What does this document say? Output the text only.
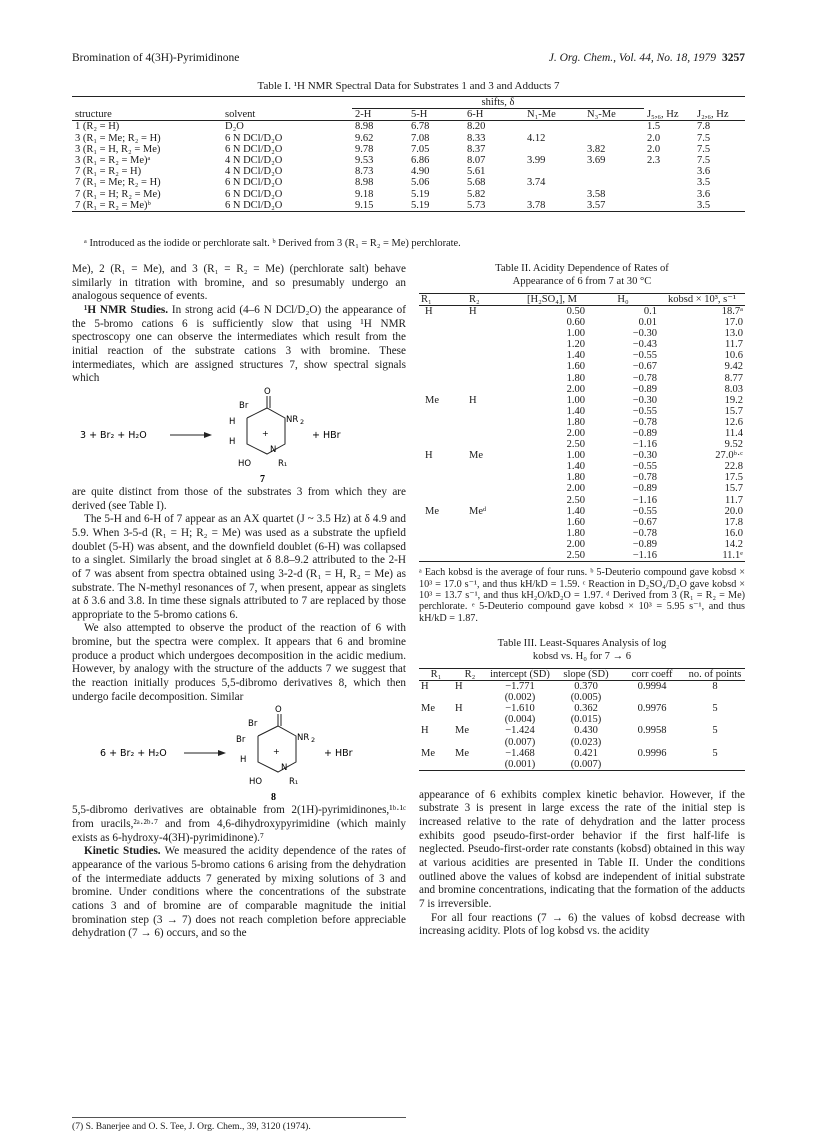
Bromination of 4(3H)-Pyrimidinone	J. Org. Chem., Vol. 44, No. 18, 1979 3257
Table I. ¹H NMR Spectral Data for Substrates 1 and 3 and Adducts 7
		shifts, δ						
structure	solvent	2-H	5-H	6-H	N₁-Me	N₃-Me	J₅,₆, Hz	J₂,₆, Hz
1 (R₂ = H)	D₂O	8.98	6.78	8.20			1.5	7.8
3 (R₁ = Me; R₂ = H)	6 N DCl/D₂O	9.62	7.08	8.33	4.12		2.0	7.5
3 (R₁ = H, R₂ = Me)	6 N DCl/D₂O	9.78	7.05	8.37		3.82	2.0	7.5
3 (R₁ = R₂ = Me)ᵃ	4 N DCl/D₂O	9.53	6.86	8.07	3.99	3.69	2.3	7.5
7 (R₁ = R₂ = H)	4 N DCl/D₂O	8.73	4.90	5.61				3.6
7 (R₁ = Me; R₂ = H)	6 N DCl/D₂O	8.98	5.06	5.68	3.74			3.5
7 (R₁ = H; R₂ = Me)	6 N DCl/D₂O	9.18	5.19	5.82		3.58		3.6
7 (R₁ = R₂ = Me)ᵇ	6 N DCl/D₂O	9.15	5.19	5.73	3.78	3.57		3.5
ᵃ Introduced as the iodide or perchlorate salt. ᵇ Derived from 3 (R₁ = R₂ = Me) perchlorate.

Me), 2 (R₁ = Me), and 3 (R₁ = R₂ = Me) (perchlorate salt) behave similarly in titration with bromine, and so presumably undergo an analogous sequence of events.

¹H NMR Studies. In strong acid (4–6 N DCl/D₂O) the appearance of the 5-bromo cations 6 is sufficiently slow that using ¹H NMR spectroscopy one can observe the intermediates which result from the initial reaction of the substrate cations 3 with bromine. These intermediates, which are assigned structures 7, show spectral signals which

3 + Br₂ + H₂O
O
Br
H
H
NR 2
+
N
HO	R₁
+ HBr
7

are quite distinct from those of the substrates 3 from which they are derived (see Table I).

The 5-H and 6-H of 7 appear as an AX quartet (J ~ 3.5 Hz) at δ 4.9 and 5.9. When 3-5-d (R₁ = H; R₂ = Me) was used as a substrate the upfield doublet (5-H) was absent, and the downfield doublet (6-H) was collapsed to a singlet. Similarly the broad singlet at δ 8.8–9.2 attributed to the 2-H of 7 was absent from spectra obtained using 3-2-d (R₁ = H, R₂ = Me) as substrate. The N-methyl resonances of 7, when present, appear as singlets at δ 3.6 and 3.8. In time these signals attributed to 7 are replaced by those appropriate to the 5-bromo cations 6.

We also attempted to observe the product of the reaction of 6 with bromine, but the spectra were complex. It appears that 6 and bromine produce a product which undergoes decomposition in the acidic medium. However, by analogy with the structure of the adducts 7 we suggest that the reaction initially produces 5,5-dibromo derivatives 8, which then undergo facile decomposition. Similar

6 + Br₂ + H₂O
O
Br
Br
H
NR 2
+
N
HO	R₁
+ HBr
8

5,5-dibromo derivatives are obtainable from 2(1H)-pyrimidinones,¹ᵇ·¹ᶜ from uracils,²ᵃ·²ᵇ·⁷ and from 4,6-dihydroxypyrimidine (which mainly exists as 6-hydroxy-4(3H)-pyrimidinone).⁷

Kinetic Studies. We measured the acidity dependence of the rates of appearance of the various 5-bromo cations 6 arising from the dehydration of the intermediate adducts 7 generated by mixing solutions of 3 and bromine. Under conditions where the concentrations of the substrate cations 3 and of bromine are of comparable magnitude the initial bromination step (3 → 7) does not reach completion before appreciable dehydration (7 → 6) occurs, and so the

(7) S. Banerjee and O. S. Tee, J. Org. Chem., 39, 3120 (1974).
Table II. Acidity Dependence of Rates of
Appearance of 6 from 7 at 30 °C
R₁	R₂	[H₂SO₄], M	H₀	kobsd × 10³, s⁻¹

H	H	0.50	0.1	18.7ᵃ
		0.60	0.01	17.0
		1.00	−0.30	13.0
		1.20	−0.43	11.7
		1.40	−0.55	10.6
		1.60	−0.67	9.42
		1.80	−0.78	8.77
		2.00	−0.89	8.03
Me	H	1.00	−0.30	19.2
		1.40	−0.55	15.7
		1.80	−0.78	12.6
		2.00	−0.89	11.4
		2.50	−1.16	9.52
H	Me	1.00	−0.30	27.0ᵇ·ᶜ
		1.40	−0.55	22.8
		1.80	−0.78	17.5
		2.00	−0.89	15.7
		2.50	−1.16	11.7
Me	Meᵈ	1.40	−0.55	20.0
		1.60	−0.67	17.8
		1.80	−0.78	16.0
		2.00	−0.89	14.2
		2.50	−1.16	11.1ᵉ
ᵃ Each kobsd is the average of four runs. ᵇ 5-Deuterio compound gave kobsd × 10³ = 17.0 s⁻¹, and thus kH/kD = 1.59. ᶜ Reaction in D₂SO₄/D₂O gave kobsd × 10³ = 13.7 s⁻¹, and thus kH₂O/kD₂O = 1.97. ᵈ Derived from 3 (R₁ = R₂ = Me) perchlorate. ᵉ 5-Deuterio compound gave kobsd × 10³ = 5.95 s⁻¹, and thus kH/kD = 1.87.
Table III. Least-Squares Analysis of log
kobsd vs. H₀ for 7 → 6
R₁	R₂	intercept (SD)	slope (SD)	corr coeff	no. of points

H	H	−1.771	0.370	0.9994	8
		(0.002)	(0.005)		
Me	H	−1.610	0.362	0.9976	5
		(0.004)	(0.015)		
H	Me	−1.424	0.430	0.9958	5
		(0.007)	(0.023)		
Me	Me	−1.468	0.421	0.9996	5
		(0.001)	(0.007)		

appearance of 6 exhibits complex kinetic behavior. However, if the substrate 3 is present in large excess the rate of the initial step is increased relative to the rate of dehydration and the latter process exhibits good pseudo-first-order behavior if the first half-life is neglected. Pseudo-first-order rate constants (kobsd) obtained in this way at various acidities are presented in Table II. Under the conditions outlined above the values of kobsd are independent of initial substrate and bromine concentrations, indicating that the formation of the adducts 7 is irreversible.

For all four reactions (7 → 6) the values of kobsd decrease with increasing acidity. Plots of log kobsd vs. the acidity
